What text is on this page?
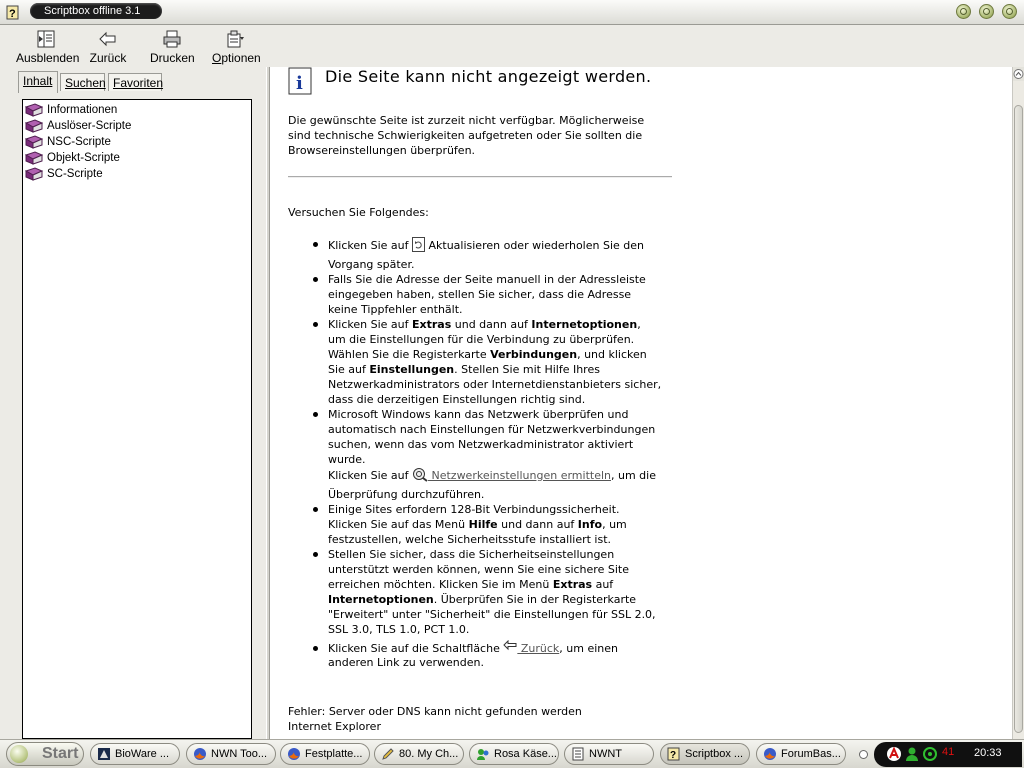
?	Scriptbox offline 3.1
Ausblenden Zurück Drucken Optionen
Inhalt	Suchen Favoriten
Informationen
Auslöser-Scripte
NSC-Scripte
Objekt-Scripte
SC-Scripte
i Die Seite kann nicht angezeigt werden.
Die gewünschte Seite ist zurzeit nicht verfügbar. Möglicherweise
sind technische Schwierigkeiten aufgetreten oder Sie sollten die
Browsereinstellungen überprüfen.
Versuchen Sie Folgendes:
Klicken Sie auf  Aktualisieren oder wiederholen Sie den
Vorgang später.
Falls Sie die Adresse der Seite manuell in der Adressleiste
eingegeben haben, stellen Sie sicher, dass die Adresse
keine Tippfehler enthält.
Klicken Sie auf Extras und dann auf Internetoptionen,
um die Einstellungen für die Verbindung zu überprüfen.
Wählen Sie die Registerkarte Verbindungen, und klicken
Sie auf Einstellungen. Stellen Sie mit Hilfe Ihres
Netzwerkadministrators oder Internetdienstanbieters sicher,
dass die derzeitigen Einstellungen richtig sind.
Microsoft Windows kann das Netzwerk überprüfen und
automatisch nach Einstellungen für Netzwerkverbindungen
suchen, wenn das vom Netzwerkadministrator aktiviert
wurde.
Klicken Sie auf  Netzwerkeinstellungen ermitteln, um die
Überprüfung durchzuführen.
Einige Sites erfordern 128-Bit Verbindungssicherheit.
Klicken Sie auf das Menü Hilfe und dann auf Info, um
festzustellen, welche Sicherheitsstufe installiert ist.
Stellen Sie sicher, dass die Sicherheitseinstellungen
unterstützt werden können, wenn Sie eine sichere Site
erreichen möchten. Klicken Sie im Menü Extras auf
Internetoptionen. Überprüfen Sie in der Registerkarte
"Erweitert" unter "Sicherheit" die Einstellungen für SSL 2.0,
SSL 3.0, TLS 1.0, PCT 1.0.
Klicken Sie auf die Schaltfläche  Zurück, um einen
anderen Link zu verwenden.
Fehler: Server oder DNS kann nicht gefunden werden
Internet Explorer
Start	BioWare ...	NWN Too...	Festplatte...	80. My Ch...	Rosa Käse...	NWNT	? Scriptbox ...	ForumBas...	41 20:33
